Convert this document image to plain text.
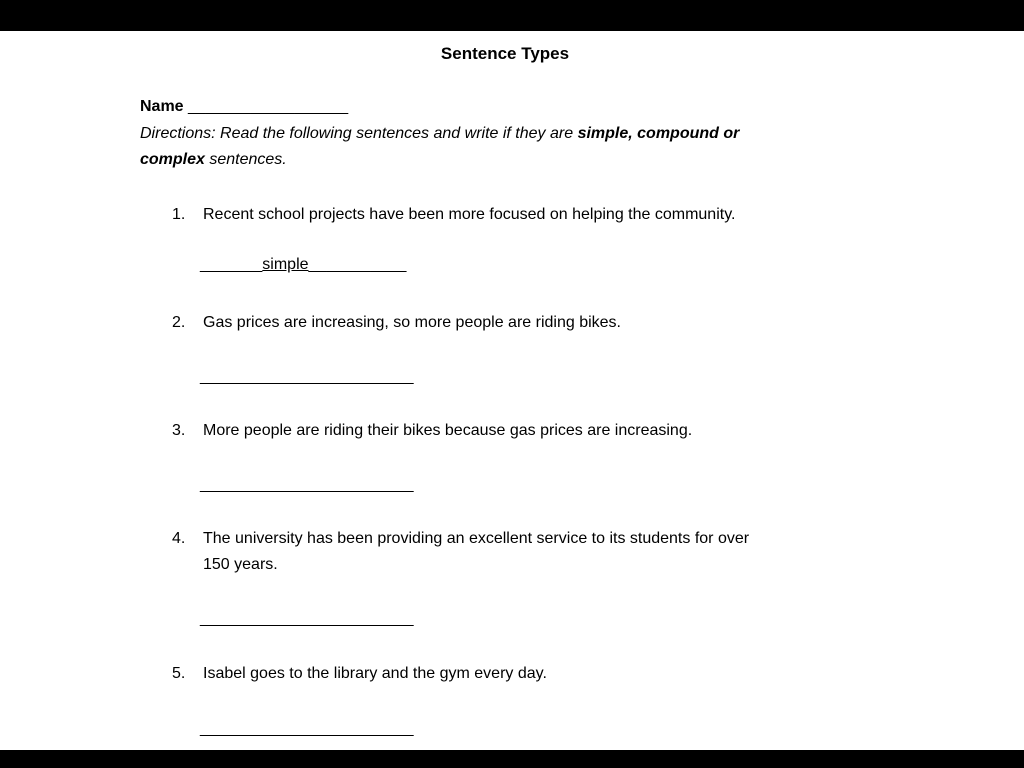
Sentence Types

Name __________________

Directions: Read the following sentences and write if they are simple, compound or
complex sentences.

1. Recent school projects have been more focused on helping the community.

_______simple___________

2. Gas prices are increasing, so more people are riding bikes.

________________________

3. More people are riding their bikes because gas prices are increasing.

________________________

4. The university has been providing an excellent service to its students for over
150 years.

________________________

5. Isabel goes to the library and the gym every day.

________________________
